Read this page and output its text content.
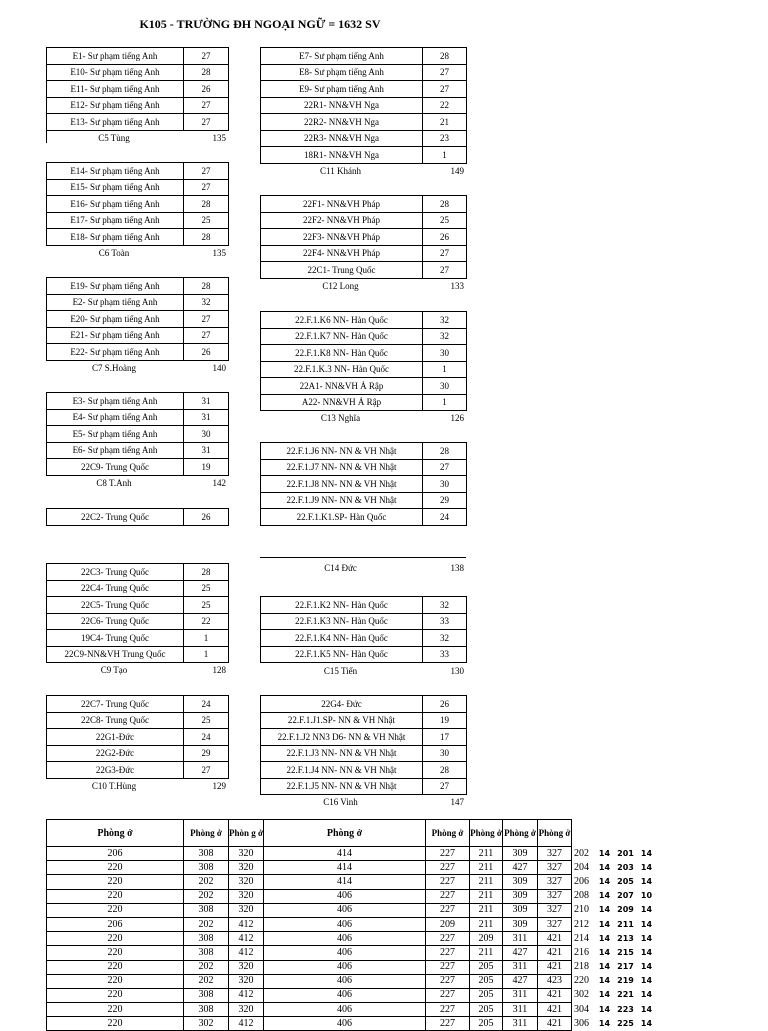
K105 - TRƯỜNG ĐH NGOẠI NGỮ = 1632 SV
E1- Sư phạm tiếng Anh	27
E10- Sư phạm tiếng Anh	28
E11- Sư phạm tiếng Anh	26
E12- Sư phạm tiếng Anh	27
E13- Sư phạm tiếng Anh	27
C5 Tùng	135
E14- Sư phạm tiếng Anh	27
E15- Sư phạm tiếng Anh	27
E16- Sư phạm tiếng Anh	28
E17- Sư phạm tiếng Anh	25
E18- Sư phạm tiếng Anh	28
C6 Toàn	135
E19- Sư phạm tiếng Anh	28
E2- Sư phạm tiếng Anh	32
E20- Sư phạm tiếng Anh	27
E21- Sư phạm tiếng Anh	27
E22- Sư phạm tiếng Anh	26
C7 S.Hoàng	140
E3- Sư phạm tiếng Anh	31
E4- Sư phạm tiếng Anh	31
E5- Sư phạm tiếng Anh	30
E6- Sư phạm tiếng Anh	31
22C9- Trung Quốc	19
C8 T.Anh	142
22C2- Trung Quốc	26
22C3- Trung Quốc	28
22C4- Trung Quốc	25
22C5- Trung Quốc	25
22C6- Trung Quốc	22
19C4- Trung Quốc	1
22C9-NN&VH Trung Quốc	1
C9 Tạo	128
22C7- Trung Quốc	24
22C8- Trung Quốc	25
22G1-Đức	24
22G2-Đức	29
22G3-Đức	27
C10 T.Hùng	129
E7- Sư phạm tiếng Anh	28
E8- Sư phạm tiếng Anh	27
E9- Sư phạm tiếng Anh	27
22R1- NN&VH Nga	22
22R2- NN&VH Nga	21
22R3- NN&VH Nga	23
18R1- NN&VH Nga	1
C11 Khánh	149
22F1- NN&VH Pháp	28
22F2- NN&VH Pháp	25
22F3- NN&VH Pháp	26
22F4- NN&VH Pháp	27
22C1- Trung Quốc	27
C12 Long	133
22.F.1.K6 NN- Hàn Quốc	32
22.F.1.K7 NN- Hàn Quốc	32
22.F.1.K8 NN- Hàn Quốc	30
22.F.1.K.3 NN- Hàn Quốc	1
22A1- NN&VH Ả Rập	30
A22- NN&VH Ả Rập	1
C13 Nghĩa	126
22.F.1.J6 NN- NN & VH Nhật	28
22.F.1.J7 NN- NN & VH Nhật	27
22.F.1.J8 NN- NN & VH Nhật	30
22.F.1.J9 NN- NN & VH Nhật	29
22.F.1.K1.SP- Hàn Quốc	24
C14 Đức	138
22.F.1.K2 NN- Hàn Quốc	32
22.F.1.K3 NN- Hàn Quốc	33
22.F.1.K4 NN- Hàn Quốc	32
22.F.1.K5 NN- Hàn Quốc	33
C15 Tiến	130
22G4- Đức	26
22.F.1.J1.SP- NN & VH Nhật	19
22.F.1.J2 NN3 D6- NN & VH Nhật	17
22.F.1.J3 NN- NN & VH Nhật	30
22.F.1.J4 NN- NN & VH Nhật	28
22.F.1.J5 NN- NN & VH Nhật	27
C16 Vinh	147
Phòng ở	Phòng ở	Phòn g ở	Phòng ở	Phòng ở	Phòng ở	Phòng ở	Phòng ở				
206	308	320	414	227	211	309	327	202	14	201	14
220	308	320	414	227	211	427	327	204	14	203	14
220	202	320	414	227	211	309	327	206	14	205	14
220	202	320	406	227	211	309	327	208	14	207	10
220	308	320	406	227	211	309	327	210	14	209	14
206	202	412	406	209	211	309	327	212	14	211	14
220	308	412	406	227	209	311	421	214	14	213	14
220	308	412	406	227	211	427	421	216	14	215	14
220	202	320	406	227	205	311	421	218	14	217	14
220	202	320	406	227	205	427	423	220	14	219	14
220	308	412	406	227	205	311	421	302	14	221	14
220	308	320	406	227	205	311	421	304	14	223	14
220	302	412	406	227	205	311	421	306	14	225	14
